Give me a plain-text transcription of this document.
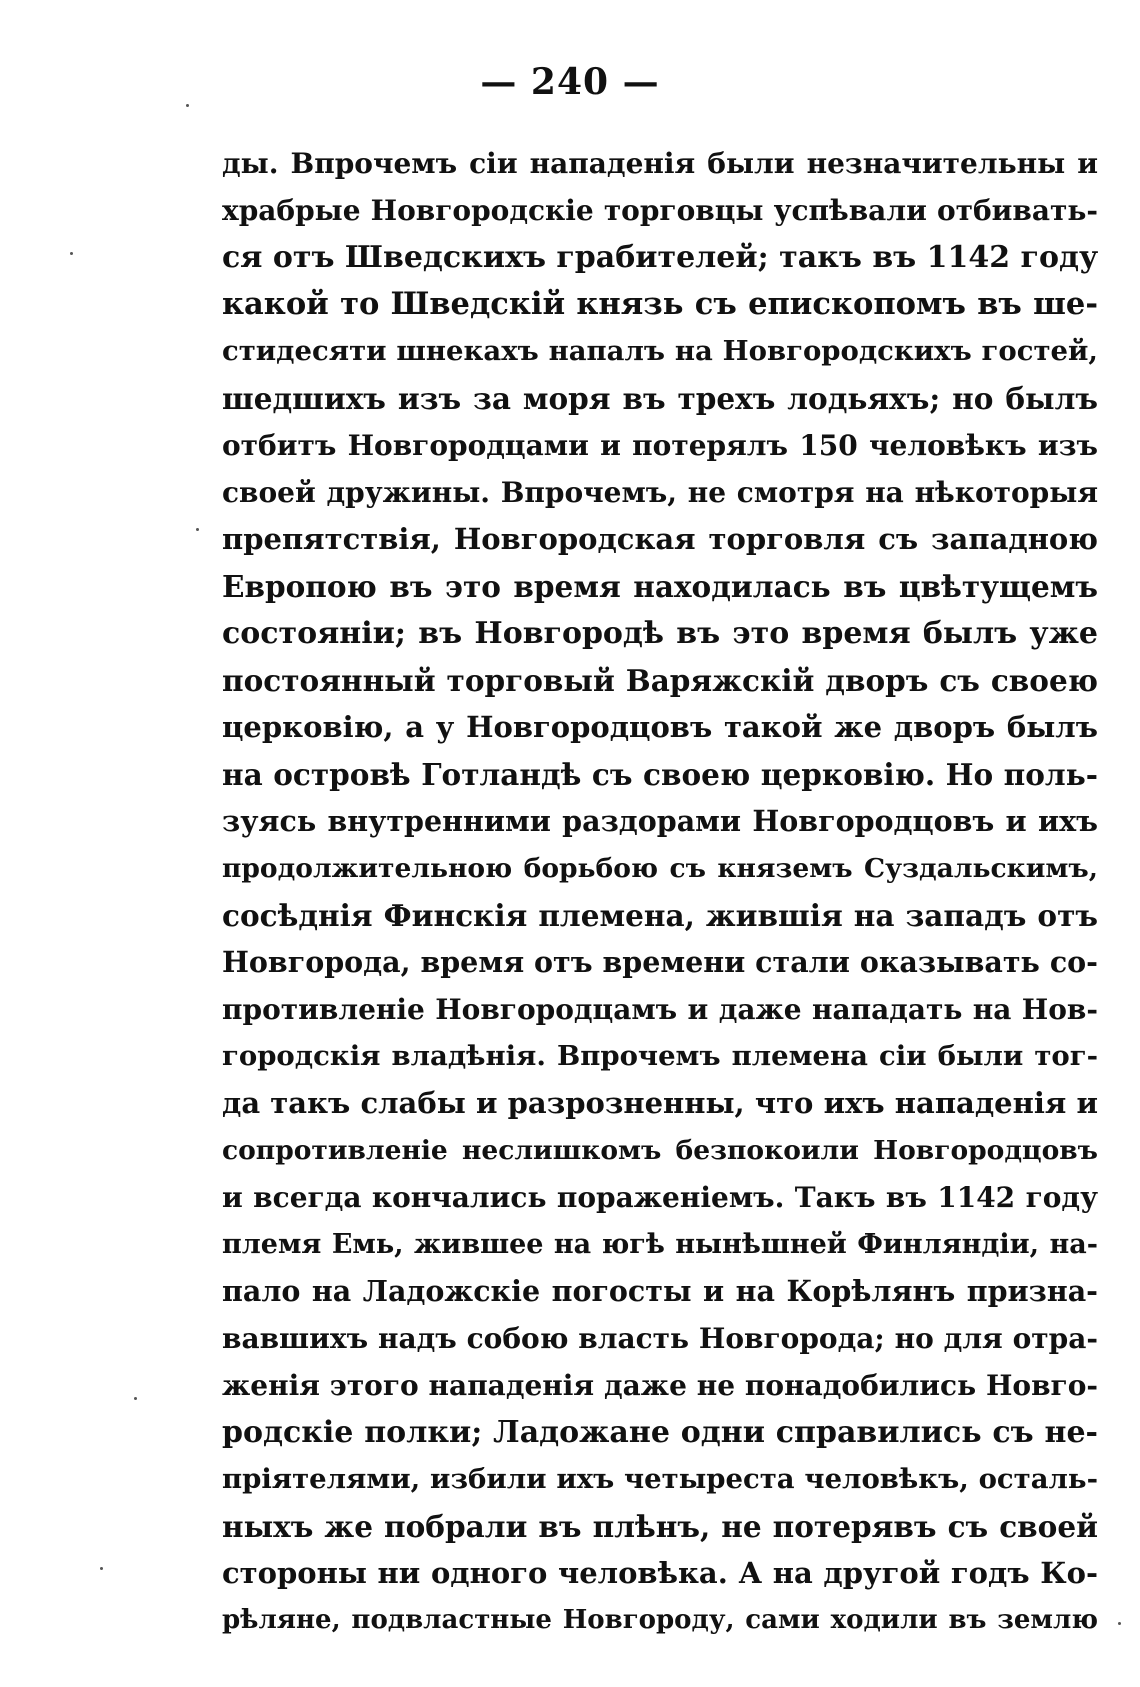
— 240 —
ды. Впрочемъ сіи нападенія были незначительны и
храбрые Новгородскіе торговцы успѣвали отбивать-
ся отъ Шведскихъ грабителей; такъ въ 1142 году
какой то Шведскій князь съ епископомъ въ ше-
стидесяти шнекахъ напалъ на Новгородскихъ гостей,
шедшихъ изъ за моря въ трехъ лодьяхъ; но былъ
отбитъ Новгородцами и потерялъ 150 человѣкъ изъ
своей дружины. Впрочемъ, не смотря на нѣкоторыя
препятствія, Новгородская торговля съ западною
Европою въ это время находилась въ цвѣтущемъ
состояніи; въ Новгородѣ въ это время былъ уже
постоянный торговый Варяжскій дворъ съ своею
церковію, а у Новгородцовъ такой же дворъ былъ
на островѣ Готландѣ съ своею церковію. Но поль-
зуясь внутренними раздорами Новгородцовъ и ихъ
продолжительною борьбою съ княземъ Суздальскимъ,
сосѣднія Финскія племена, жившія на западъ отъ
Новгорода, время отъ времени стали оказывать со-
противленіе Новгородцамъ и даже нападать на Нов-
городскія владѣнія. Впрочемъ племена сіи были тог-
да такъ слабы и разрозненны, что ихъ нападенія и
сопротивленіе неслишкомъ безпокоили Новгородцовъ
и всегда кончались пораженіемъ. Такъ въ 1142 году
племя Емь, жившее на югѣ нынѣшней Финляндіи, на-
пало на Ладожскіе погосты и на Корѣлянъ призна-
вавшихъ надъ собою власть Новгорода; но для отра-
женія этого нападенія даже не понадобились Новго-
родскіе полки; Ладожане одни справились съ не-
пріятелями, избили ихъ четыреста человѣкъ, осталь-
ныхъ же побрали въ плѣнъ, не потерявъ съ своей
стороны ни одного человѣка. А на другой годъ Ко-
рѣляне, подвластные Новгороду, сами ходили въ землю
